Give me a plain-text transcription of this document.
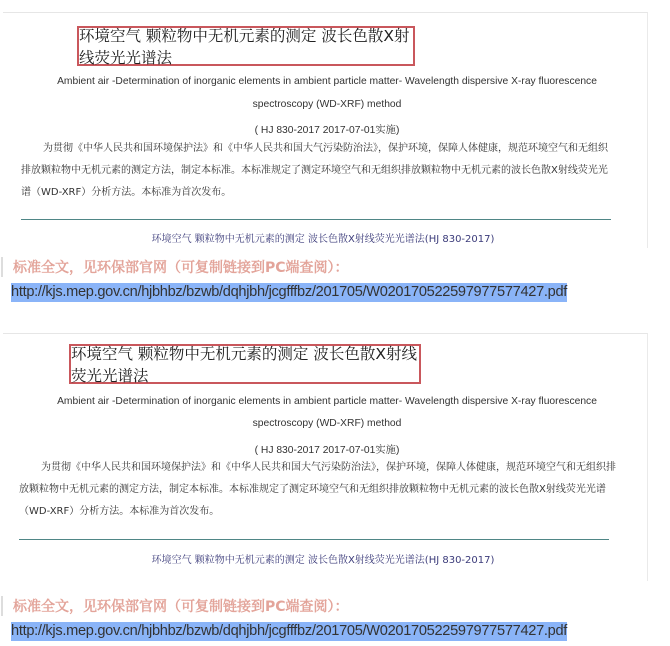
环境空气 颗粒物中无机元素的测定 波长色散X射线荧光光谱法
Ambient air -Determination of inorganic elements in ambient particle matter- Wavelength dispersive X-ray fluorescence
spectroscopy (WD-XRF) method
( HJ 830-2017 2017-07-01实施)
为贯彻《中华人民共和国环境保护法》和《中华人民共和国大气污染防治法》，保护环境，保障人体健康，规范环境空气和无组织排放颗粒物中无机元素的测定方法，制定本标准。本标准规定了测定环境空气和无组织排放颗粒物中无机元素的波长色散X射线荧光光谱（WD-XRF）分析方法。本标准为首次发布。
环境空气 颗粒物中无机元素的测定 波长色散X射线荧光光谱法(HJ 830-2017)
标准全文，见环保部官网（可复制链接到PC端查阅）：
http://kjs.mep.gov.cn/hjbhbz/bzwb/dqhjbh/jcgfffbz/201705/W020170522597977577427.pdf
环境空气 颗粒物中无机元素的测定 波长色散X射线荧光光谱法
Ambient air -Determination of inorganic elements in ambient particle matter- Wavelength dispersive X-ray fluorescence
spectroscopy (WD-XRF) method
( HJ 830-2017 2017-07-01实施)
为贯彻《中华人民共和国环境保护法》和《中华人民共和国大气污染防治法》，保护环境，保障人体健康，规范环境空气和无组织排放颗粒物中无机元素的测定方法，制定本标准。本标准规定了测定环境空气和无组织排放颗粒物中无机元素的波长色散X射线荧光光谱（WD-XRF）分析方法。本标准为首次发布。
环境空气 颗粒物中无机元素的测定 波长色散X射线荧光光谱法(HJ 830-2017)
标准全文，见环保部官网（可复制链接到PC端查阅）：
http://kjs.mep.gov.cn/hjbhbz/bzwb/dqhjbh/jcgfffbz/201705/W020170522597977577427.pdf
